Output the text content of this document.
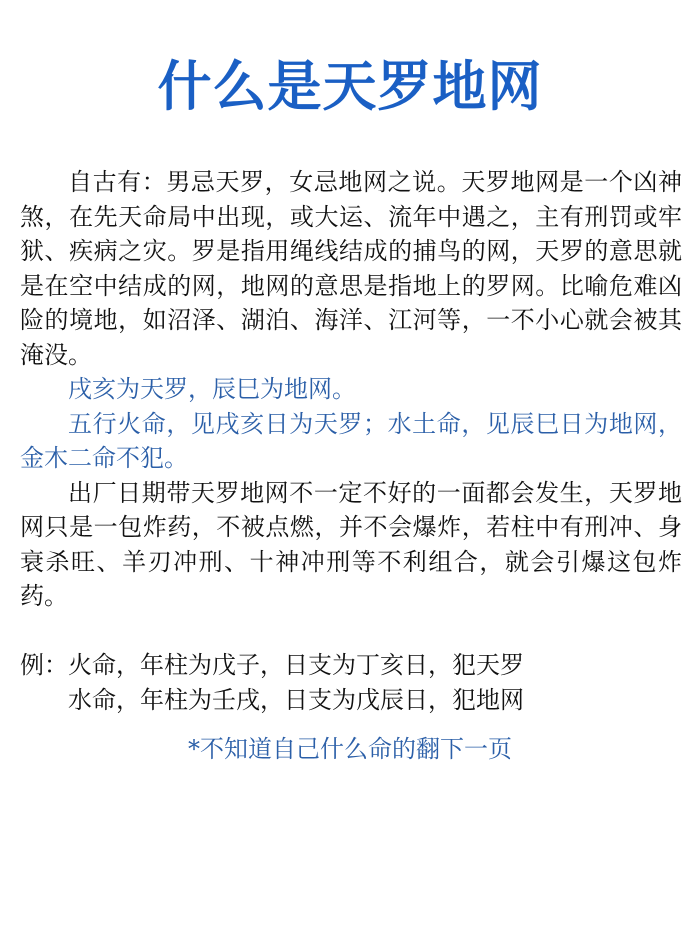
什么是天罗地网

自古有：男忌天罗，女忌地网之说。天罗地网是一个凶神煞，在先天命局中出现，或大运、流年中遇之，主有刑罚或牢狱、疾病之灾。罗是指用绳线结成的捕鸟的网，天罗的意思就是在空中结成的网，地网的意思是指地上的罗网。比喻危难凶险的境地，如沼泽、湖泊、海洋、江河等，一不小心就会被其淹没。

戌亥为天罗，辰巳为地网。

五行火命，见戌亥日为天罗；水土命，见辰巳日为地网，金木二命不犯。

出厂日期带天罗地网不一定不好的一面都会发生，天罗地网只是一包炸药，不被点燃，并不会爆炸，若柱中有刑冲、身衰杀旺、羊刃冲刑、十神冲刑等不利组合，就会引爆这包炸药。

例：火命，年柱为戊子，日支为丁亥日，犯天罗

水命，年柱为壬戌，日支为戊辰日，犯地网

*不知道自己什么命的翻下一页
